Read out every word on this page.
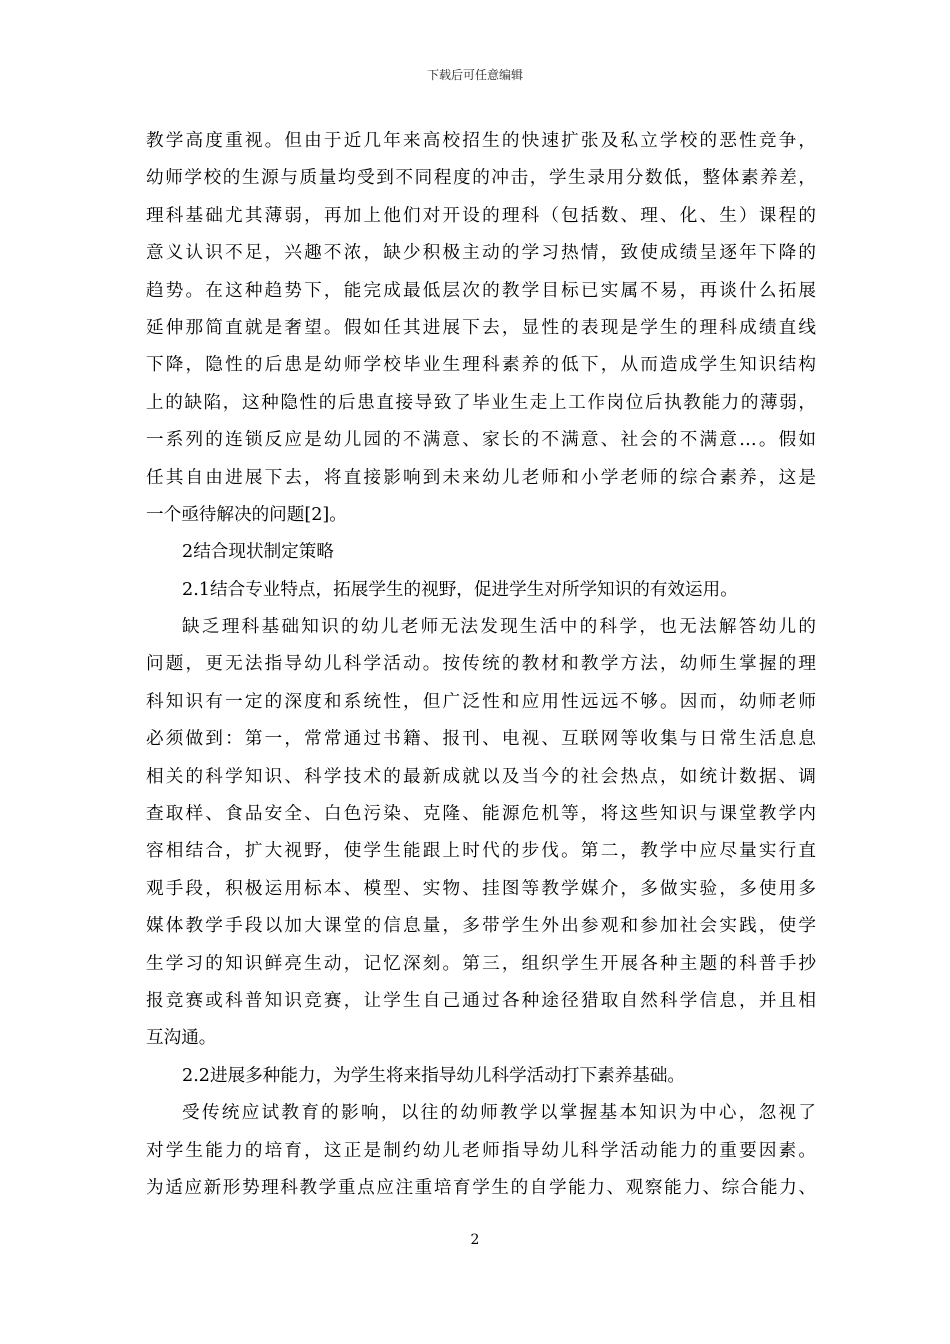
下载后可任意编辑
教学高度重视。但由于近几年来高校招生的快速扩张及私立学校的恶性竞争，
幼师学校的生源与质量均受到不同程度的冲击，学生录用分数低，整体素养差，
理科基础尤其薄弱，再加上他们对开设的理科（包括数、理、化、生）课程的
意义认识不足，兴趣不浓，缺少积极主动的学习热情，致使成绩呈逐年下降的
趋势。在这种趋势下，能完成最低层次的教学目标已实属不易，再谈什么拓展
延伸那简直就是奢望。假如任其进展下去，显性的表现是学生的理科成绩直线
下降，隐性的后患是幼师学校毕业生理科素养的低下，从而造成学生知识结构
上的缺陷，这种隐性的后患直接导致了毕业生走上工作岗位后执教能力的薄弱，
一系列的连锁反应是幼儿园的不满意、家长的不满意、社会的不满意…。假如
任其自由进展下去，将直接影响到未来幼儿老师和小学老师的综合素养，这是
一个亟待解决的问题[2]。
2结合现状制定策略
2.1结合专业特点，拓展学生的视野，促进学生对所学知识的有效运用。
缺乏理科基础知识的幼儿老师无法发现生活中的科学，也无法解答幼儿的
问题，更无法指导幼儿科学活动。按传统的教材和教学方法，幼师生掌握的理
科知识有一定的深度和系统性，但广泛性和应用性远远不够。因而，幼师老师
必须做到：第一，常常通过书籍、报刊、电视、互联网等收集与日常生活息息
相关的科学知识、科学技术的最新成就以及当今的社会热点，如统计数据、调
查取样、食品安全、白色污染、克隆、能源危机等，将这些知识与课堂教学内
容相结合，扩大视野，使学生能跟上时代的步伐。第二，教学中应尽量实行直
观手段，积极运用标本、模型、实物、挂图等教学媒介，多做实验，多使用多
媒体教学手段以加大课堂的信息量，多带学生外出参观和参加社会实践，使学
生学习的知识鲜亮生动，记忆深刻。第三，组织学生开展各种主题的科普手抄
报竞赛或科普知识竞赛，让学生自己通过各种途径猎取自然科学信息，并且相
互沟通。
2.2进展多种能力，为学生将来指导幼儿科学活动打下素养基础。
受传统应试教育的影响，以往的幼师教学以掌握基本知识为中心，忽视了
对学生能力的培育，这正是制约幼儿老师指导幼儿科学活动能力的重要因素。
为适应新形势理科教学重点应注重培育学生的自学能力、观察能力、综合能力、
2
